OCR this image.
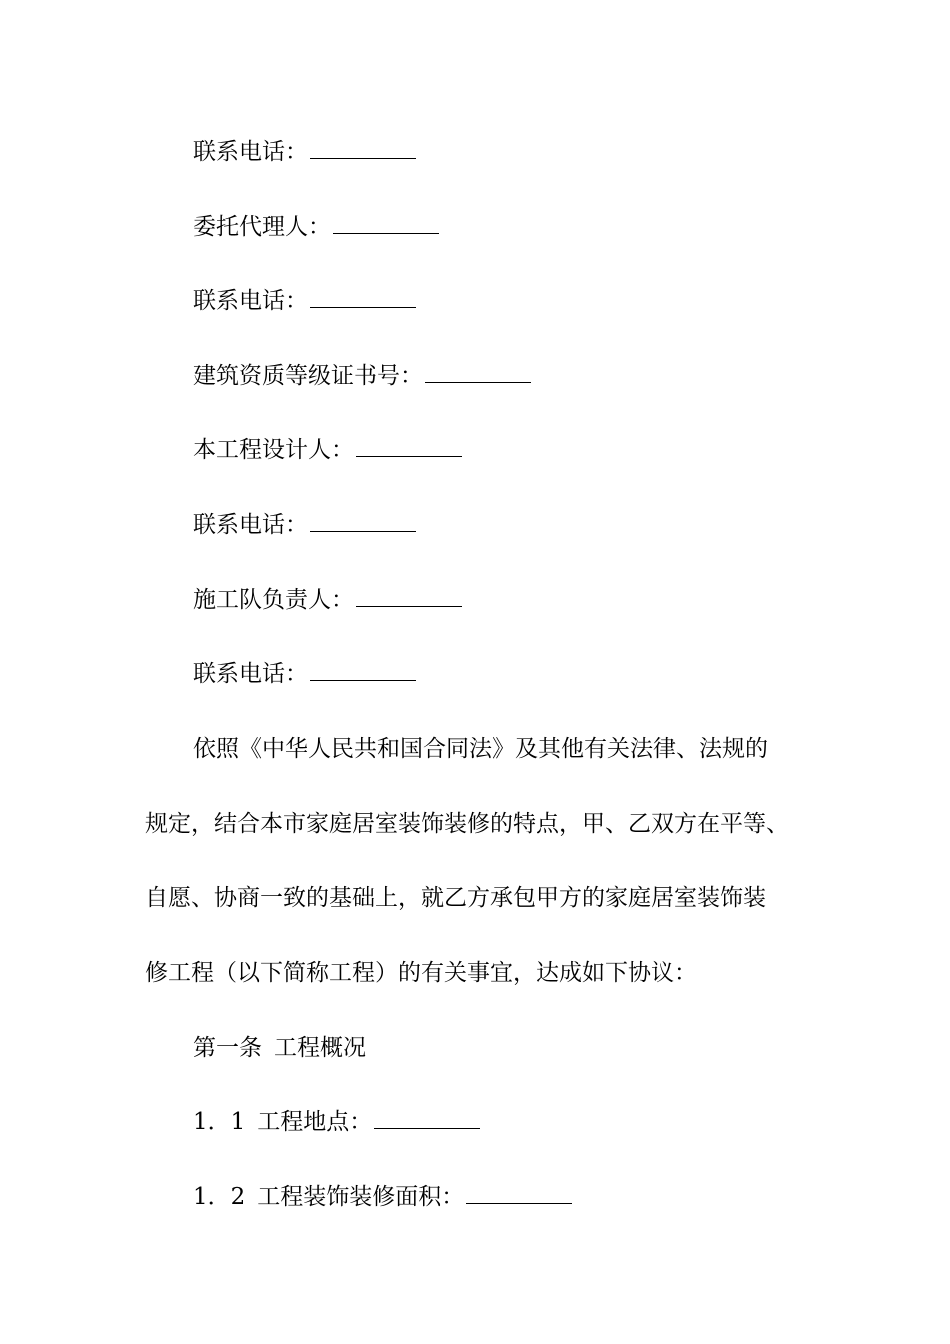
联系电话：
委托代理人：
联系电话：
建筑资质等级证书号：
本工程设计人：
联系电话：
施工队负责人：
联系电话：
依照《中华人民共和国合同法》及其他有关法律、法规的
规定，结合本市家庭居室装饰装修的特点，甲、乙双方在平等、
自愿、协商一致的基础上，就乙方承包甲方的家庭居室装饰装
修工程（以下简称工程）的有关事宜，达成如下协议：
第一条 工程概况
1．1 工程地点：
1．2 工程装饰装修面积：
